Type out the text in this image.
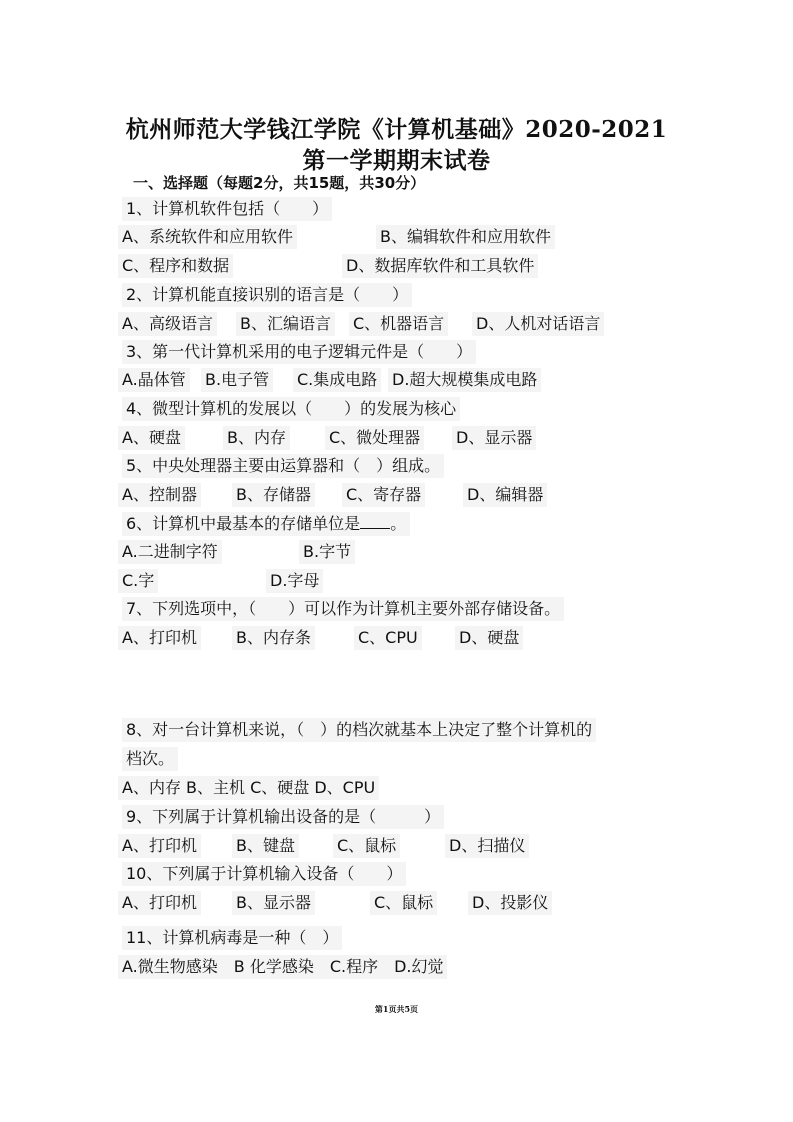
杭州师范大学钱江学院《计算机基础》2020-2021
第一学期期末试卷
一、选择题（每题2分，共15题，共30分）
1、计算机软件包括（　　）
A、系统软件和应用软件	B、编辑软件和应用软件
C、程序和数据	D、数据库软件和工具软件
2、计算机能直接识别的语言是（　　）
A、高级语言 B、汇编语言 C、机器语言 D、人机对话语言
3、第一代计算机采用的电子逻辑元件是（　　）
A.晶体管 B.电子管 C.集成电路 D.超大规模集成电路
4、微型计算机的发展以（　　）的发展为核心
A、硬盘	B、内存	C、微处理器 D、显示器
5、中央处理器主要由运算器和（　）组成。
A、控制器 B、存储器 C、寄存器	D、编辑器
6、计算机中最基本的存储单位是 。
A.二进制字符	B.字节
C.字	D.字母
7、下列选项中，（　　）可以作为计算机主要外部存储设备。
A、打印机 B、内存条	C、CPU	D、硬盘
8、对一台计算机来说，（　）的档次就基本上决定了整个计算机的
档次。
A、内存 B、主机 C、硬盘 D、CPU
9、下列属于计算机输出设备的是（　　　）
A、打印机 B、键盘	C、鼠标	D、扫描仪
10、下列属于计算机输入设备（　　）
A、打印机 B、显示器	C、鼠标 D、投影仪
11、计算机病毒是一种（　）
A.微生物感染　B 化学感染　C.程序　D.幻觉
第1页共5页
